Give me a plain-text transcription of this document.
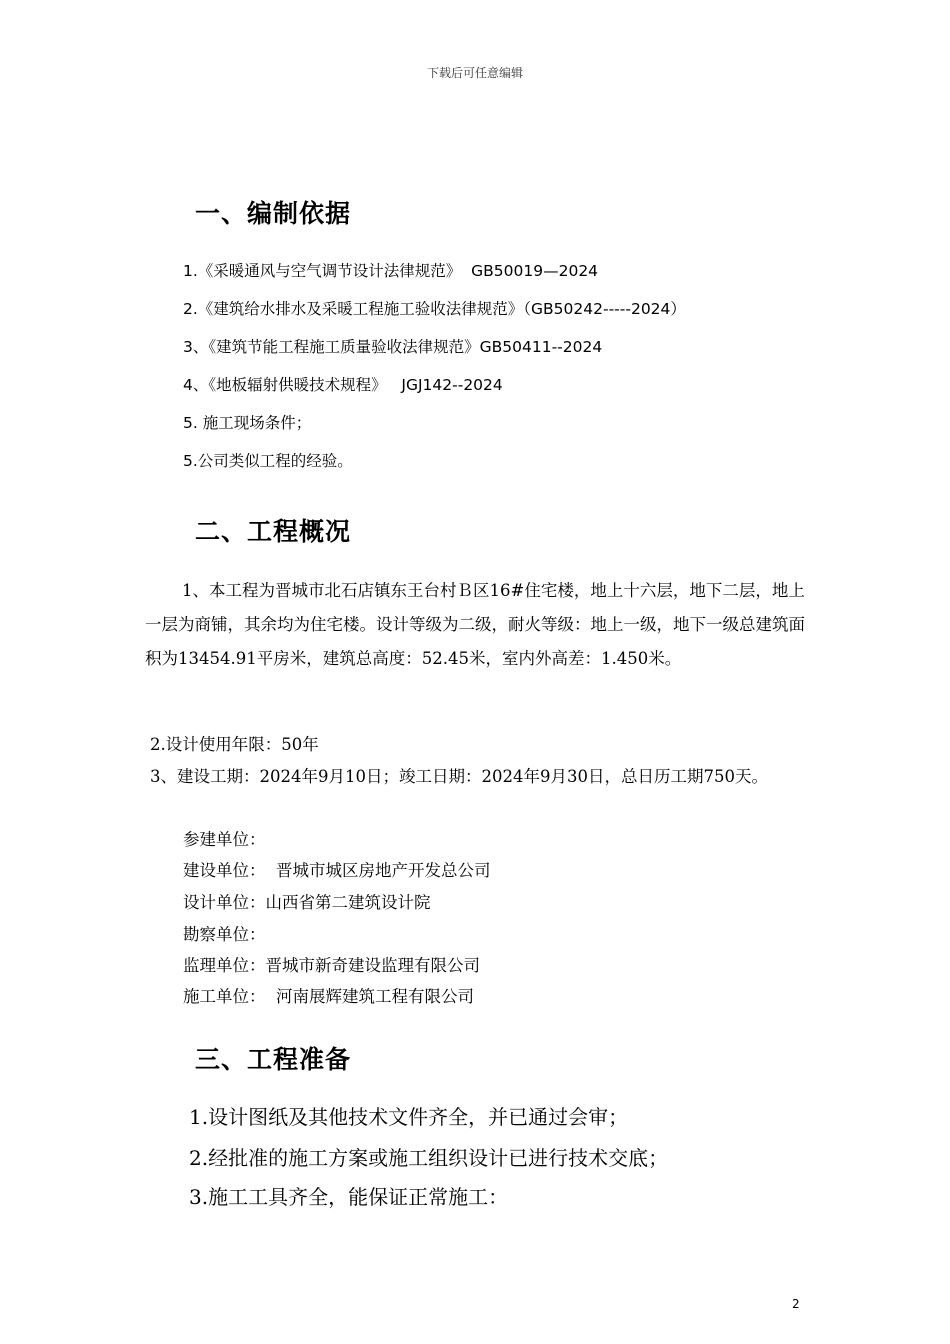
下载后可任意编辑
一、编制依据
1.《采暖通风与空气调节设计法律规范》  GB50019—2024
2.《建筑给水排水及采暖工程施工验收法律规范》（GB50242-----2024）
3、《建筑节能工程施工质量验收法律规范》GB50411--2024
4、《地板辐射供暖技术规程》   JGJ142--2024
5. 施工现场条件；
5.公司类似工程的经验。
二、工程概况
1、本工程为晋城市北石店镇东王台村Ｂ区16#住宅楼，地上十六层，地下二层，地上一层为商铺，其余均为住宅楼。设计等级为二级，耐火等级：地上一级，地下一级总建筑面积为13454.91平房米，建筑总高度：52.45米，室内外高差：1.450米。
2.设计使用年限：50年
3、建设工期：2024年9月10日；竣工日期：2024年9月30日，总日历工期750天。
参建单位：
建设单位：  晋城市城区房地产开发总公司
设计单位：山西省第二建筑设计院
勘察单位：
监理单位：晋城市新奇建设监理有限公司
施工单位：  河南展辉建筑工程有限公司
三、工程准备
1.设计图纸及其他技术文件齐全，并已通过会审；
2.经批准的施工方案或施工组织设计已进行技术交底；
3.施工工具齐全，能保证正常施工：
2
